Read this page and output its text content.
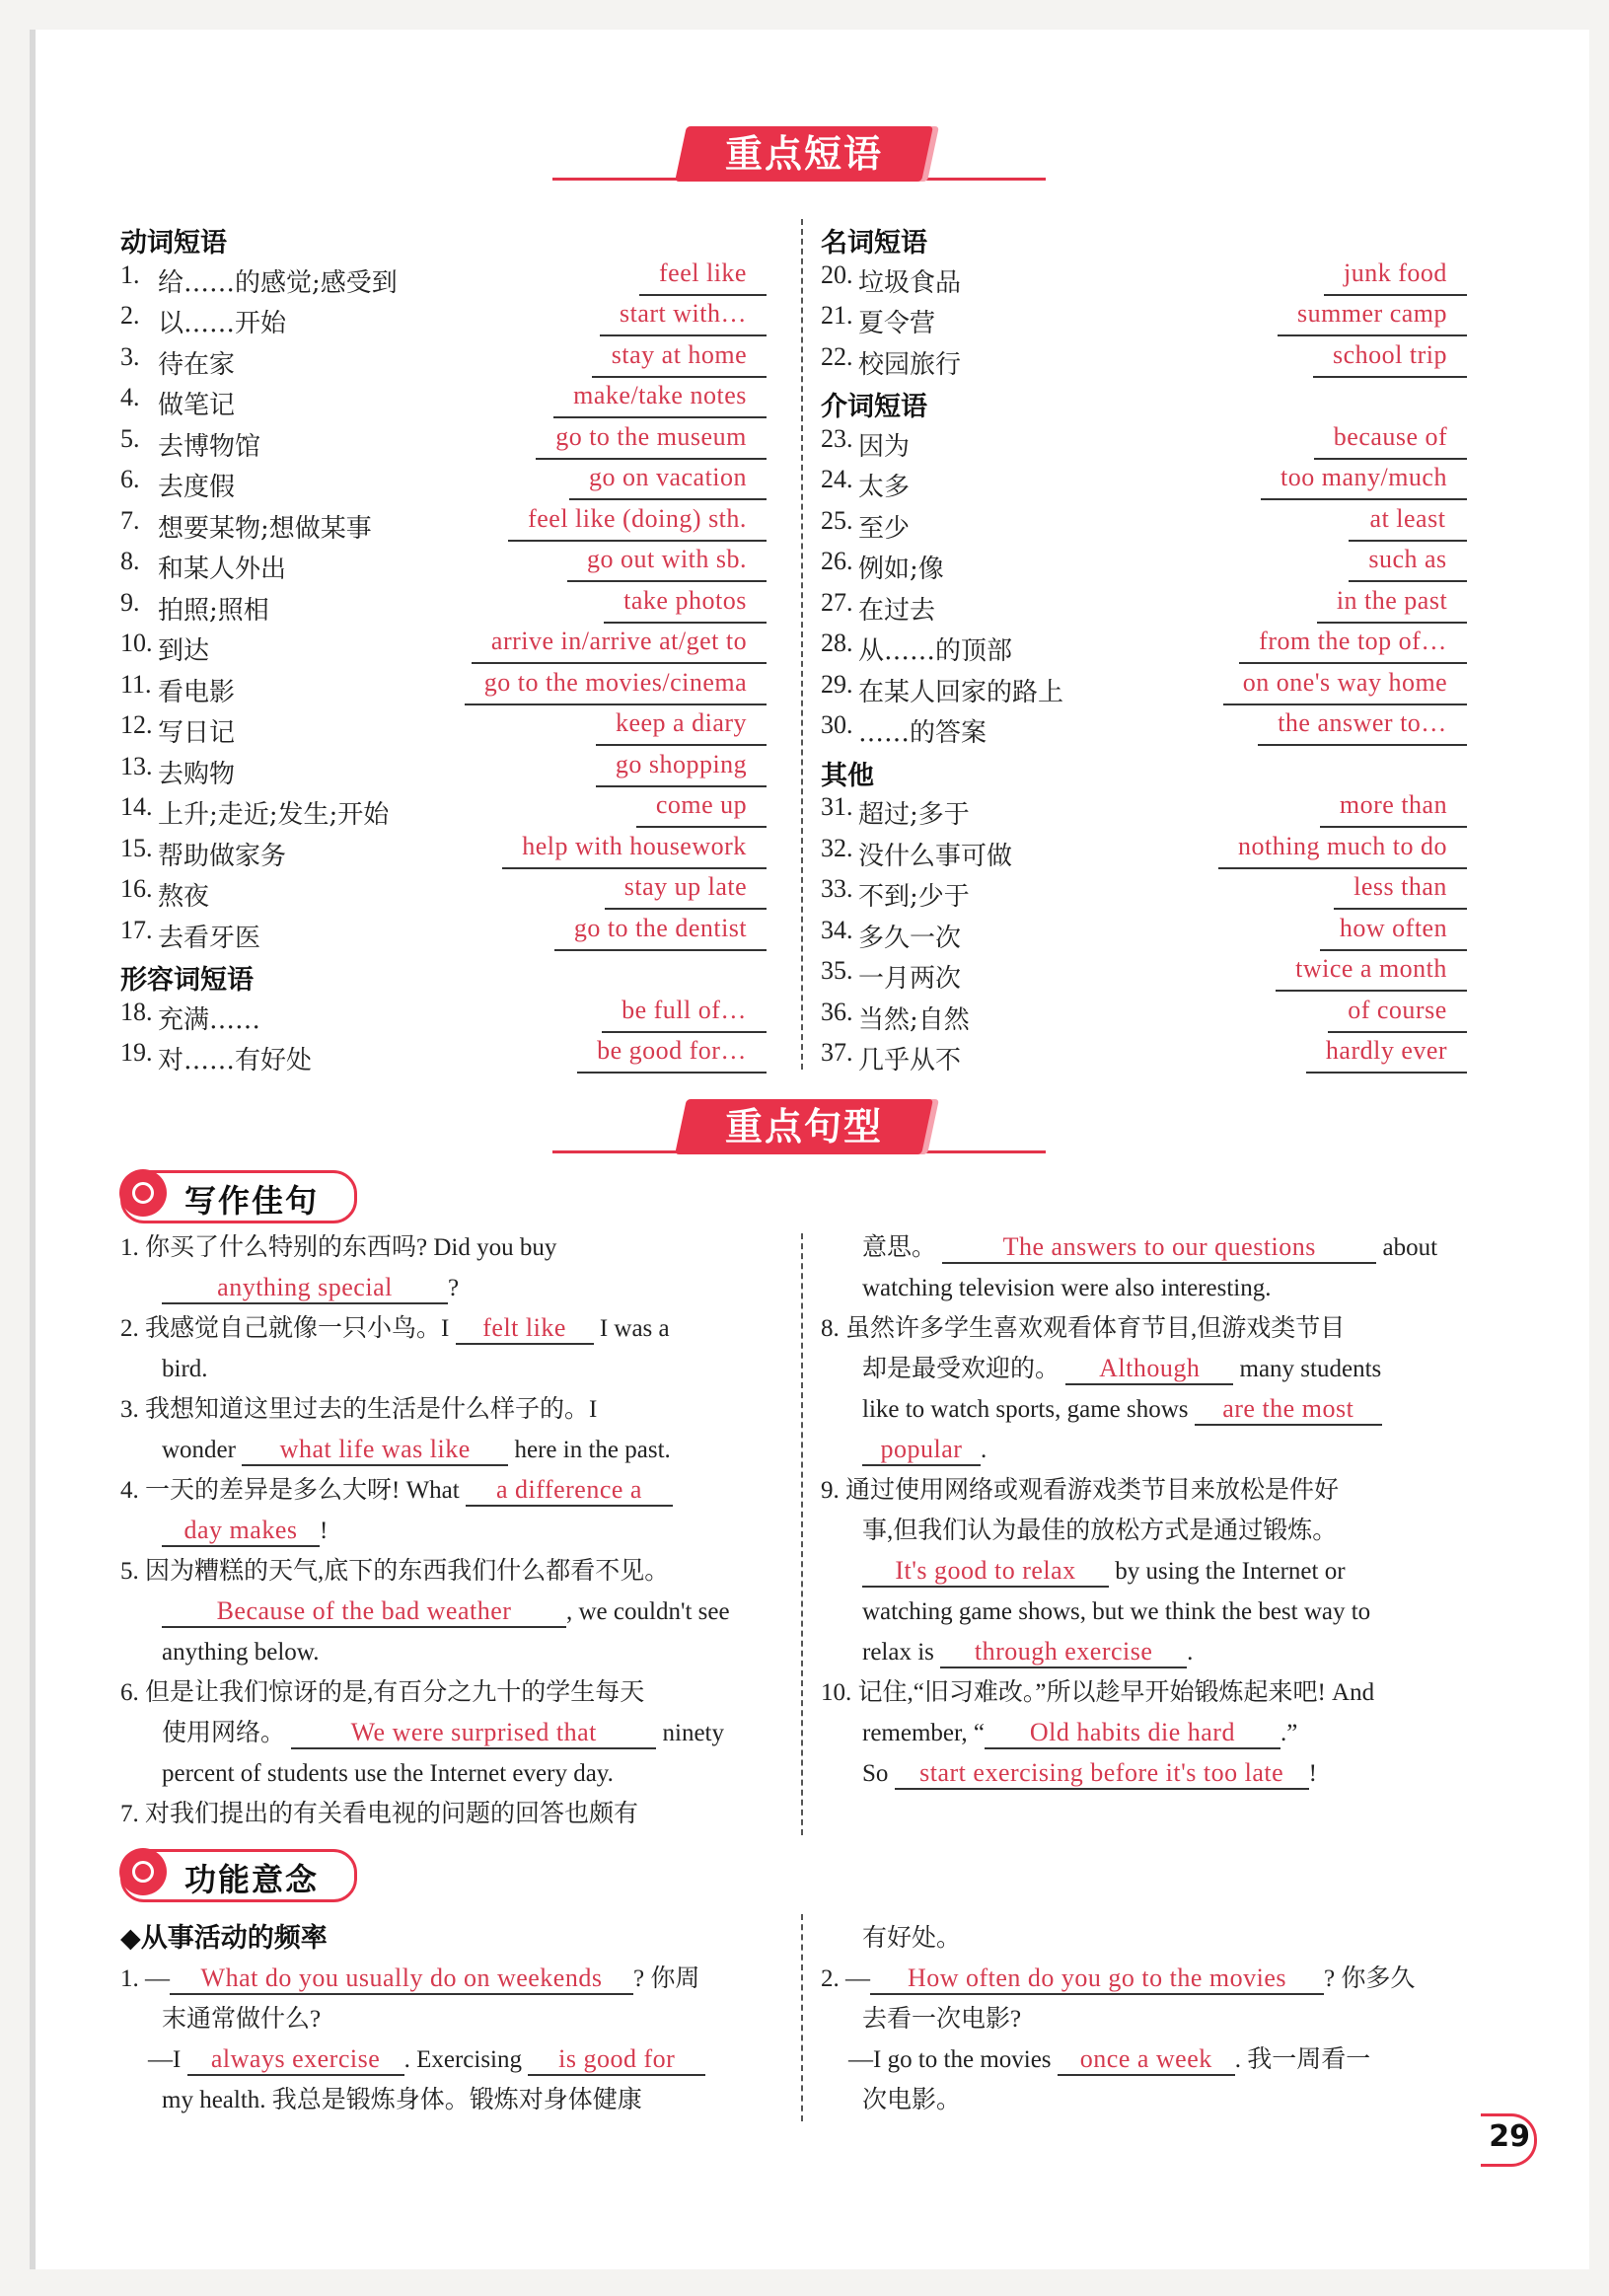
重点短语
动词短语
1. 给……的感觉;感受到	feel like
2. 以……开始	start with…
3. 待在家	stay at home
4. 做笔记	make/take notes
5. 去博物馆	go to the museum
6. 去度假	go on vacation
7. 想要某物;想做某事	feel like (doing) sth.
8. 和某人外出	go out with sb.
9. 拍照;照相	take photos
10. 到达	arrive in/arrive at/get to
11. 看电影	go to the movies/cinema
12. 写日记	keep a diary
13. 去购物	go shopping
14. 上升;走近;发生;开始	come up
15. 帮助做家务	help with housework
16. 熬夜	stay up late
17. 去看牙医	go to the dentist
形容词短语
18. 充满……	be full of…
19. 对……有好处	be good for…
名词短语
20. 垃圾食品	junk food
21. 夏令营	summer camp
22. 校园旅行	school trip
介词短语
23. 因为	because of
24. 太多	too many/much
25. 至少	at least
26. 例如;像	such as
27. 在过去	in the past
28. 从……的顶部	from the top of…
29. 在某人回家的路上	on one's way home
30. ……的答案	the answer to…
其他
31. 超过;多于	more than
32. 没什么事可做	nothing much to do
33. 不到;少于	less than
34. 多久一次	how often
35. 一月两次	twice a month
36. 当然;自然	of course
37. 几乎从不	hardly ever
重点句型
写作佳句
1. 你买了什么特别的东西吗? Did you buy
anything special ?
2. 我感觉自己就像一只小鸟。I felt like I was a
bird.
3. 我想知道这里过去的生活是什么样子的。I
wonder what life was like here in the past.
4. 一天的差异是多么大呀! What a difference a
day makes !
5. 因为糟糕的天气,底下的东西我们什么都看不见。
Because of the bad weather , we couldn't see
anything below.
6. 但是让我们惊讶的是,有百分之九十的学生每天
使用网络。	We were surprised that	ninety
percent of students use the Internet every day.
7. 对我们提出的有关看电视的问题的回答也颇有
意思。	The answers to our questions	about
watching television were also interesting.
8. 虽然许多学生喜欢观看体育节目,但游戏类节目
却是最受欢迎的。 Although many students
like to watch sports, game shows are the most
popular .
9. 通过使用网络或观看游戏类节目来放松是件好
事,但我们认为最佳的放松方式是通过锻炼。
It's good to relax by using the Internet or
watching game shows, but we think the best way to
relax is through exercise .
10. 记住,“旧习难改。”所以趁早开始锻炼起来吧! And
remember, “ Old habits die hard .”
So start exercising before it's too late !
功能意念
◆从事活动的频率
1. — What do you usually do on weekends ? 你周
末通常做什么?
—I always exercise . Exercising is good for
my health. 我总是锻炼身体。锻炼对身体健康
有好处。
2. — How often do you go to the movies ? 你多久
去看一次电影?
—I go to the movies once a week . 我一周看一
次电影。
29
